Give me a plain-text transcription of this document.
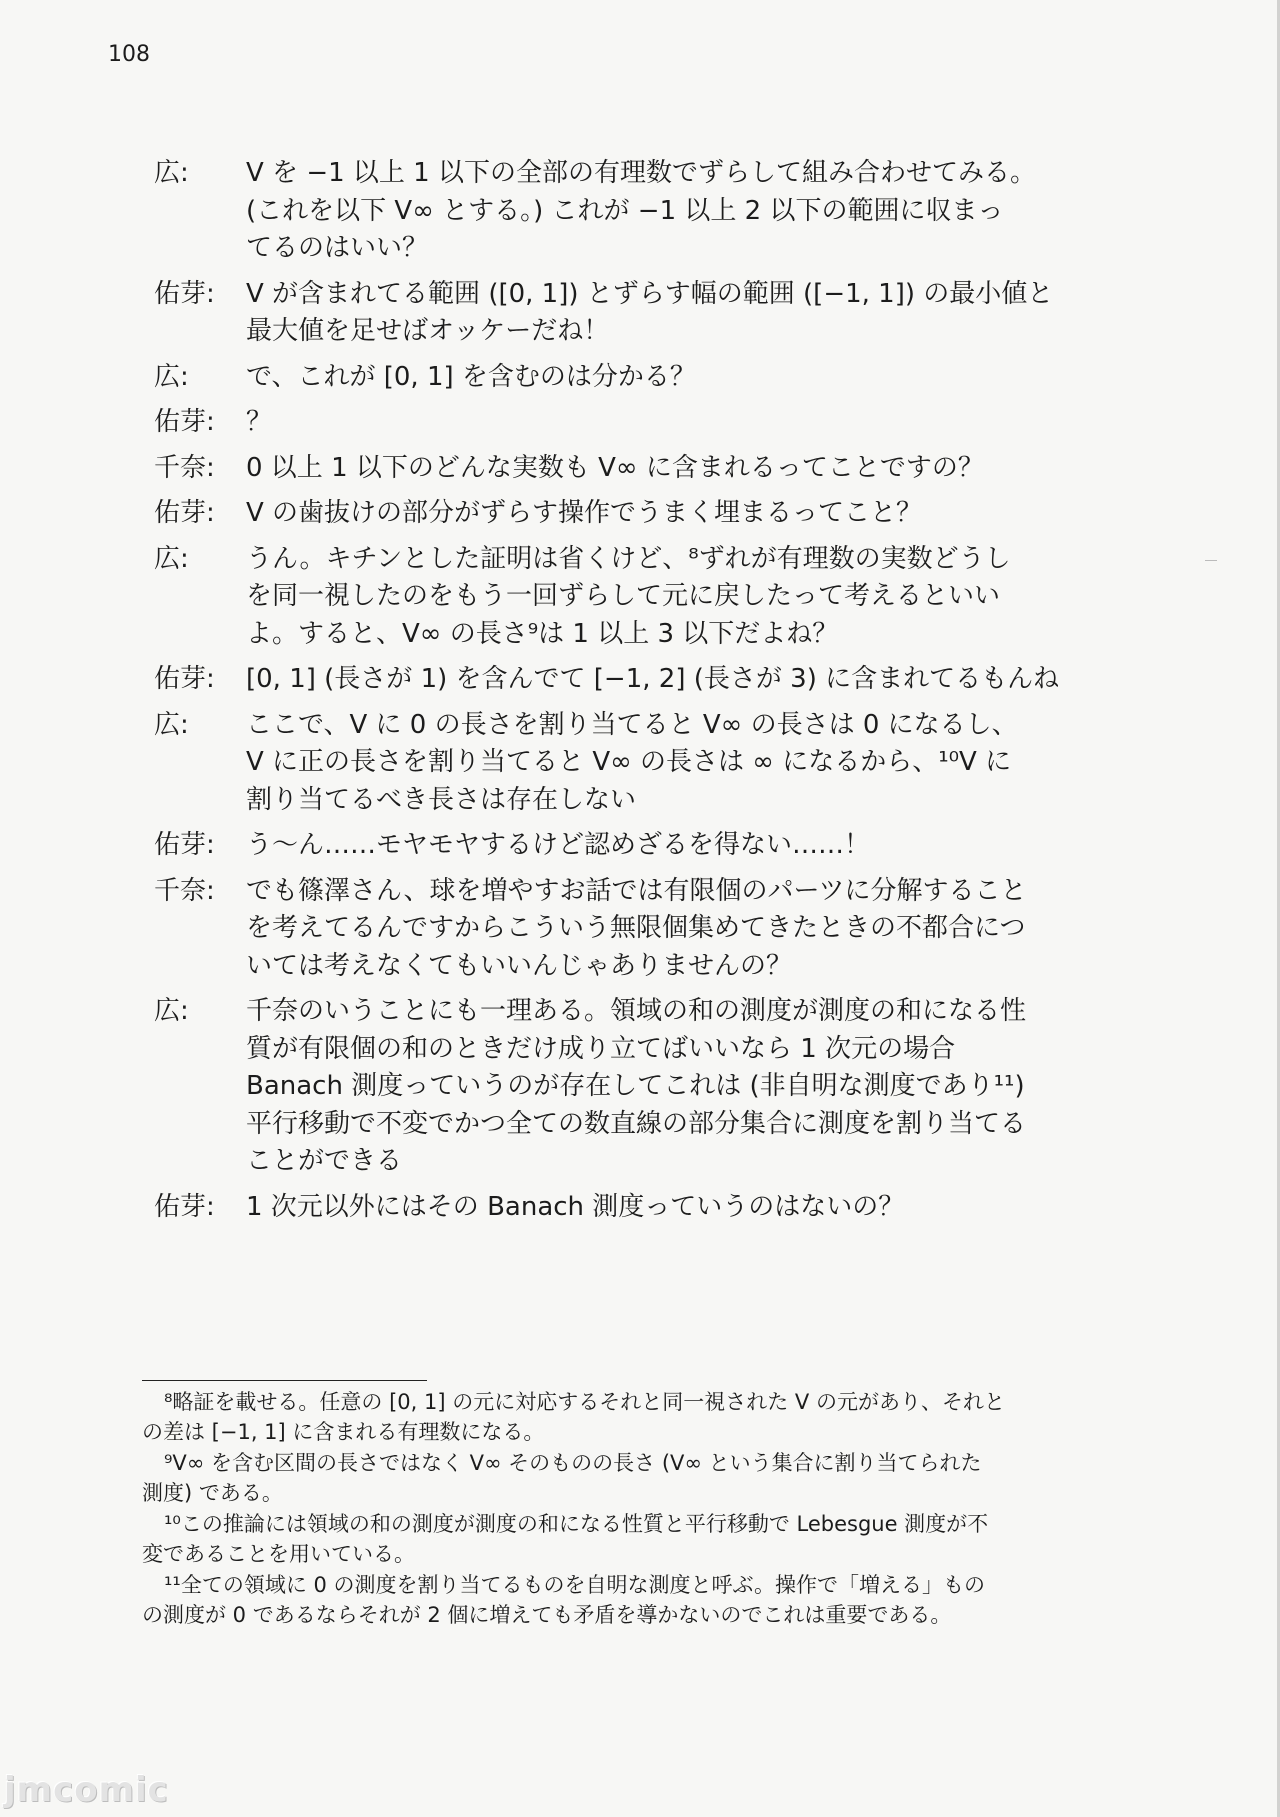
108
広:	V を −1 以上 1 以下の全部の有理数でずらして組み合わせてみる。
(これを以下 V∞ とする。) これが −1 以上 2 以下の範囲に収まっ
てるのはいい？
佑芽:	V が含まれてる範囲 ([0, 1]) とずらす幅の範囲 ([−1, 1]) の最小値と
最大値を足せばオッケーだね！
広:	で、これが [0, 1] を含むのは分かる？
佑芽:	？
千奈:	0 以上 1 以下のどんな実数も V∞ に含まれるってことですの？
佑芽:	V の歯抜けの部分がずらす操作でうまく埋まるってこと？
広:	うん。キチンとした証明は省くけど、⁸ずれが有理数の実数どうし
を同一視したのをもう一回ずらして元に戻したって考えるといい
よ。すると、V∞ の長さ⁹は 1 以上 3 以下だよね？
佑芽:	[0, 1] (長さが 1) を含んでて [−1, 2] (長さが 3) に含まれてるもんね
広:	ここで、V に 0 の長さを割り当てると V∞ の長さは 0 になるし、
V に正の長さを割り当てると V∞ の長さは ∞ になるから、¹⁰V に
割り当てるべき長さは存在しない
佑芽:	う〜ん……モヤモヤするけど認めざるを得ない……！
千奈:	でも篠澤さん、球を増やすお話では有限個のパーツに分解すること
を考えてるんですからこういう無限個集めてきたときの不都合につ
いては考えなくてもいいんじゃありませんの？
広:	千奈のいうことにも一理ある。領域の和の測度が測度の和になる性
質が有限個の和のときだけ成り立てばいいなら 1 次元の場合
Banach 測度っていうのが存在してこれは (非自明な測度であり¹¹)
平行移動で不変でかつ全ての数直線の部分集合に測度を割り当てる
ことができる
佑芽:	1 次元以外にはその Banach 測度っていうのはないの？
⁸略証を載せる。任意の [0, 1] の元に対応するそれと同一視された V の元があり、それと
の差は [−1, 1] に含まれる有理数になる。
⁹V∞ を含む区間の長さではなく V∞ そのものの長さ (V∞ という集合に割り当てられた
測度) である。
¹⁰この推論には領域の和の測度が測度の和になる性質と平行移動で Lebesgue 測度が不
変であることを用いている。
¹¹全ての領域に 0 の測度を割り当てるものを自明な測度と呼ぶ。操作で「増える」もの
の測度が 0 であるならそれが 2 個に増えても矛盾を導かないのでこれは重要である。
jmcomic
